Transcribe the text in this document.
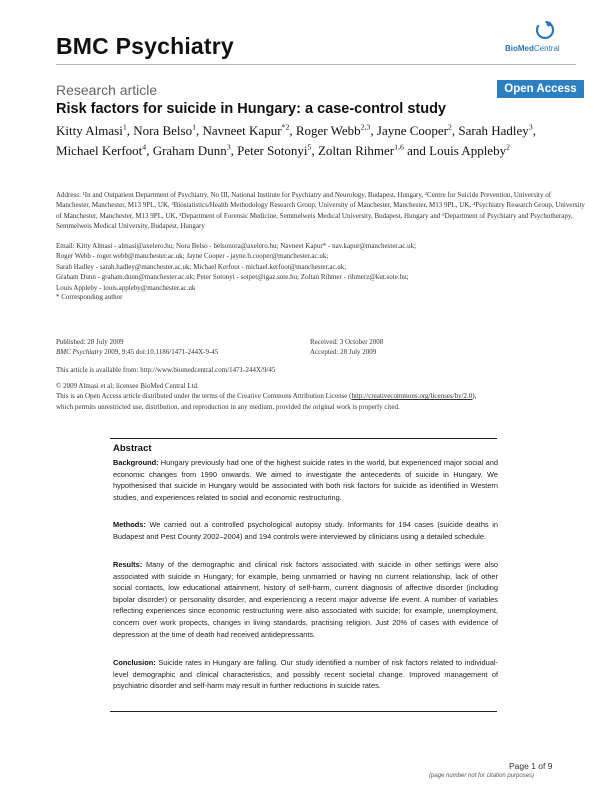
BMC Psychiatry	BioMedCentral
Research article	Open Access
Risk factors for suicide in Hungary: a case-control study
Kitty Almasi$^1$, Nora Belso$^1$, Navneet Kapur$^{*2}$, Roger Webb$^{2,3}$, Jayne Cooper$^2$, Sarah Hadley$^3$, Michael Kerfoot$^4$, Graham Dunn$^3$, Peter Sotonyi$^5$, Zoltan Rihmer$^{1,6}$ and Louis Appleby$^2$
Address: ¹In and Outpatient Department of Psychiatry, No III, National Institute for Psychiatry and Neurology, Budapest, Hungary, ²Centre for Suicide Prevention, University of Manchester, Manchester, M13 9PL, UK, ³Biostatistics/Health Methodology Research Group, University of Manchester, Manchester, M13 9PL, UK, ⁴Psychiatry Research Group, University of Manchester, Manchester, M13 9PL, UK, ⁵Department of Forensic Medicine, Semmelweis Medical University, Budapest, Hungary and ⁶Department of Psychiatry and Psychotherapy, Semmelweis Medical University, Budapest, Hungary
Email: Kitty Almasi - almasi@axelero.hu; Nora Belso - belsonora@axelero.hu; Navneet Kapur* - nav.kapur@manchester.ac.uk;
Roger Webb - roger.webb@manchester.ac.uk; Jayne Cooper - jayne.b.cooper@manchester.ac.uk;
Sarah Hadley - sarah.hadley@manchester.ac.uk; Michael Kerfoot - michael.kerfoot@manchester.ac.uk;
Graham Dunn - graham.dunn@manchester.ac.uk; Peter Sotonyi - sotpet@igaz.sote.hu; Zoltan Rihmer - rihmerz@kut.sote.hu;
Louis Appleby - louis.appleby@manchester.ac.uk
* Corresponding author
Published: 28 July 2009
BMC Psychiatry 2009, 9:45 doi:10.1186/1471-244X-9-45
Received: 3 October 2008
Accepted: 28 July 2009
This article is available from: http://www.biomedcentral.com/1471-244X/9/45
© 2009 Almasi et al; licensee BioMed Central Ltd.
This is an Open Access article distributed under the terms of the Creative Commons Attribution License (http://creativecommons.org/licenses/by/2.0),
which permits unrestricted use, distribution, and reproduction in any medium, provided the original work is properly cited.
Abstract
Background: Hungary previously had one of the highest suicide rates in the world, but experienced major social and economic changes from 1990 onwards. We aimed to investigate the antecedents of suicide in Hungary. We hypothesised that suicide in Hungary would be associated with both risk factors for suicide as identified in Western studies, and experiences related to social and economic restructuring.
Methods: We carried out a controlled psychological autopsy study. Informants for 194 cases (suicide deaths in Budapest and Pest County 2002–2004) and 194 controls were interviewed by clinicians using a detailed schedule.
Results: Many of the demographic and clinical risk factors associated with suicide in other settings were also associated with suicide in Hungary; for example, being unmarried or having no current relationship, lack of other social contacts, low educational attainment, history of self-harm, current diagnosis of affective disorder (including bipolar disorder) or personality disorder, and experiencing a recent major adverse life event. A number of variables reflecting experiences since economic restructuring were also associated with suicide; for example, unemployment, concern over work propects, changes in living standards, practising religion. Just 20% of cases with evidence of depression at the time of death had received antidepressants.
Conclusion: Suicide rates in Hungary are falling. Our study identified a number of risk factors related to individual-level demographic and clinical characteristics, and possibly recent societal change. Improved management of psychiatric disorder and self-harm may result in further reductions in suicide rates.
Page 1 of 9
(page number not for citation purposes)
